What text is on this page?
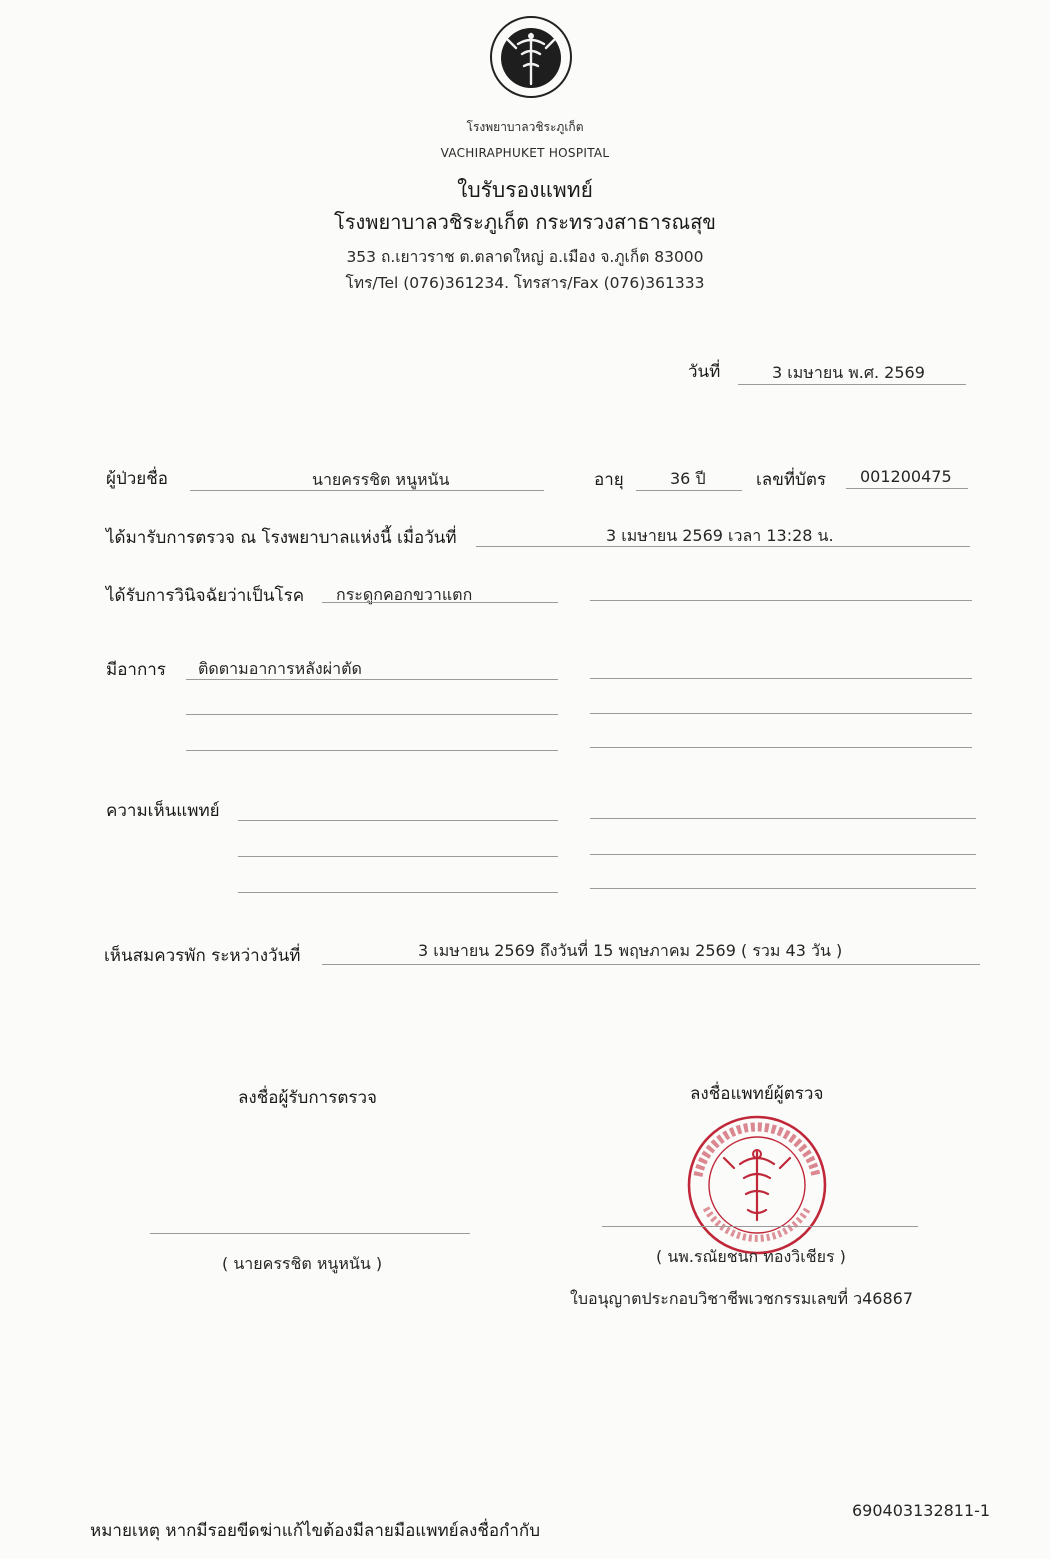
โรงพยาบาลวชิระภูเก็ต
VACHIRAPHUKET HOSPITAL
ใบรับรองแพทย์
โรงพยาบาลวชิระภูเก็ต กระทรวงสาธารณสุข
353 ถ.เยาวราช ต.ตลาดใหญ่ อ.เมือง จ.ภูเก็ต 83000
โทร/Tel (076)361234. โทรสาร/Fax (076)361333
วันที่	3 เมษายน พ.ศ. 2569
ผู้ป่วยชื่อ	นายครรชิต หนูหนัน	อายุ	36 ปี	เลขที่บัตร 001200475
ได้มารับการตรวจ ณ โรงพยาบาลแห่งนี้ เมื่อวันที่	3 เมษายน 2569 เวลา 13:28 น.
ได้รับการวินิจฉัยว่าเป็นโรค กระดูกคอกขวาแตก
มีอาการ ติดตามอาการหลังผ่าตัด
ความเห็นแพทย์
เห็นสมควรพัก ระหว่างวันที่	3 เมษายน 2569 ถึงวันที่ 15 พฤษภาคม 2569 ( รวม 43 วัน )
ลงชื่อผู้รับการตรวจ
( นายครรชิต หนูหนัน )
ลงชื่อแพทย์ผู้ตรวจ
( นพ.รณัยชนก ทองวิเชียร )
ใบอนุญาตประกอบวิชาชีพเวชกรรมเลขที่ ว46867
หมายเหตุ หากมีรอยขีดฆ่าแก้ไขต้องมีลายมือแพทย์ลงชื่อกำกับ
690403132811-1
